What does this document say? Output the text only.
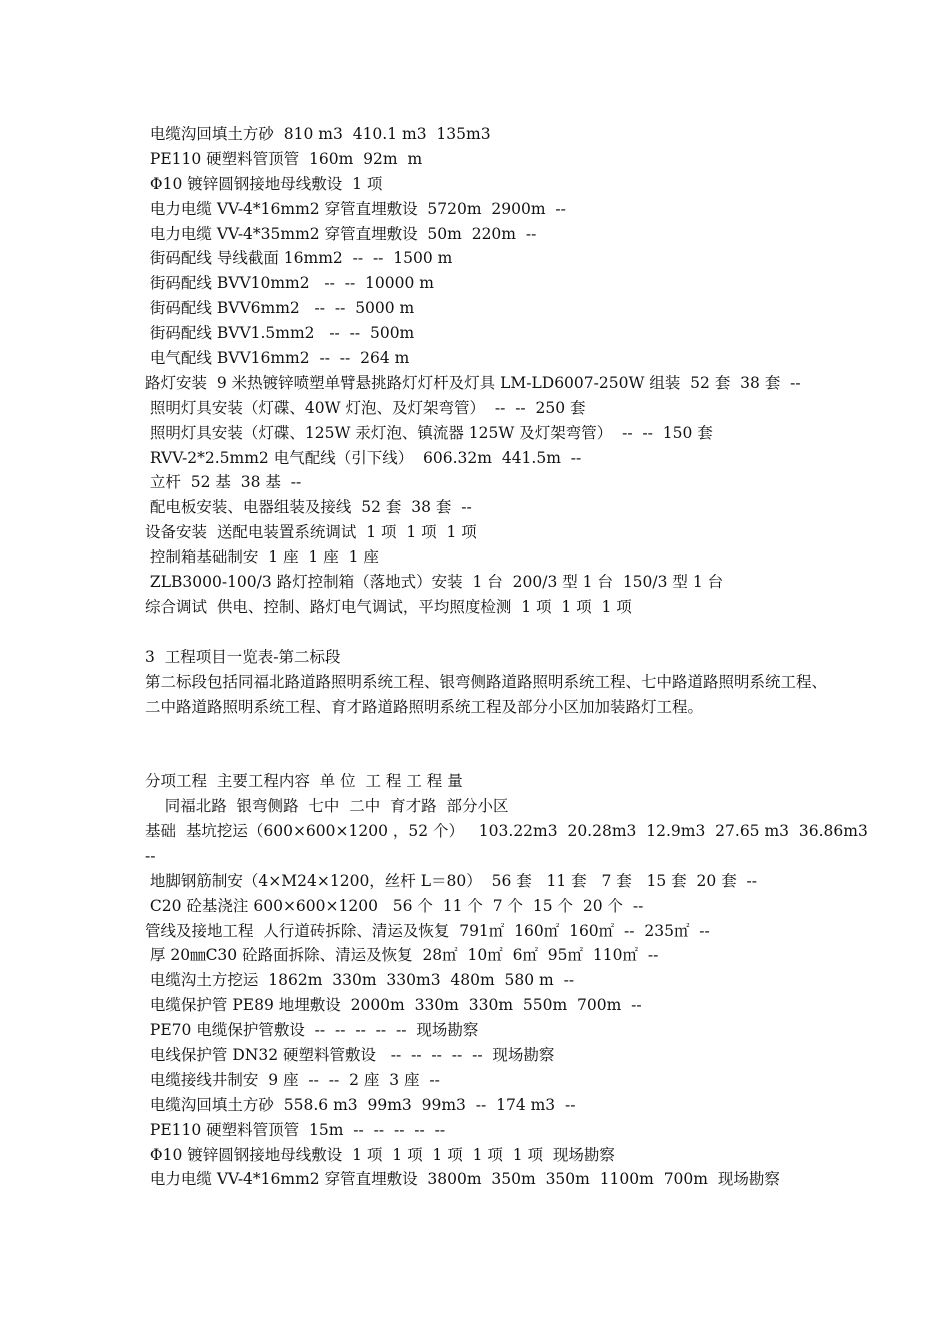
电缆沟回填土方砂  810 m3  410.1 m3  135m3
PE110 硬塑料管顶管  160m  92m  m
Φ10 镀锌圆钢接地母线敷设  1 项
电力电缆 VV-4*16mm2 穿管直埋敷设  5720m  2900m  --
电力电缆 VV-4*35mm2 穿管直埋敷设  50m  220m  --
街码配线 导线截面 16mm2  --  --  1500 m
街码配线 BVV10mm2   --  --  10000 m
街码配线 BVV6mm2   --  --  5000 m
街码配线 BVV1.5mm2   --  --  500m
电气配线 BVV16mm2  --  --  264 m
路灯安装  9 米热镀锌喷塑单臂悬挑路灯灯杆及灯具 LM-LD6007-250W 组装  52 套  38 套  --
照明灯具安装（灯碟、40W 灯泡、及灯架弯管）  --  --  250 套
照明灯具安装（灯碟、125W 汞灯泡、镇流器 125W 及灯架弯管）  --  --  150 套
RVV-2*2.5mm2 电气配线（引下线）  606.32m  441.5m  --
立杆  52 基  38 基  --
配电板安装、电器组装及接线  52 套  38 套  --
设备安装  送配电装置系统调试  1 项  1 项  1 项
控制箱基础制安  1 座  1 座  1 座
ZLB3000-100/3 路灯控制箱（落地式）安装  1 台  200/3 型 1 台  150/3 型 1 台
综合调试  供电、控制、路灯电气调试，平均照度检测  1 项  1 项  1 项
3  工程项目一览表-第二标段
第二标段包括同福北路道路照明系统工程、银弯侧路道路照明系统工程、七中路道路照明系统工程、二中路道路照明系统工程、育才路道路照明系统工程及部分小区加加装路灯工程。
分项工程  主要工程内容  单 位  工 程 工 程 量
同福北路  银弯侧路  七中  二中  育才路  部分小区
基础  基坑挖运（600×600×1200 ，52 个）   103.22m3  20.28m3  12.9m3  27.65 m3  36.86m3
--
地脚钢筋制安（4×M24×1200，丝杆 L＝80）  56 套   11 套   7 套   15 套  20 套  --
C20 砼基浇注 600×600×1200   56 个  11 个  7 个  15 个  20 个  --
管线及接地工程  人行道砖拆除、清运及恢复  791㎡  160㎡  160㎡  --  235㎡  --
厚 20㎜C30 砼路面拆除、清运及恢复  28㎡  10㎡  6㎡  95㎡  110㎡  --
电缆沟土方挖运  1862m  330m  330m3  480m  580 m  --
电缆保护管 PE89 地埋敷设  2000m  330m  330m  550m  700m  --
PE70 电缆保护管敷设  --  --  --  --  --  现场勘察
电线保护管 DN32 硬塑料管敷设   --  --  --  --  --  现场勘察
电缆接线井制安  9 座  --  --  2 座  3 座  --
电缆沟回填土方砂  558.6 m3  99m3  99m3  --  174 m3  --
PE110 硬塑料管顶管  15m  --  --  --  --  --
Φ10 镀锌圆钢接地母线敷设  1 项  1 项  1 项  1 项  1 项  现场勘察
电力电缆 VV-4*16mm2 穿管直埋敷设  3800m  350m  350m  1100m  700m  现场勘察
